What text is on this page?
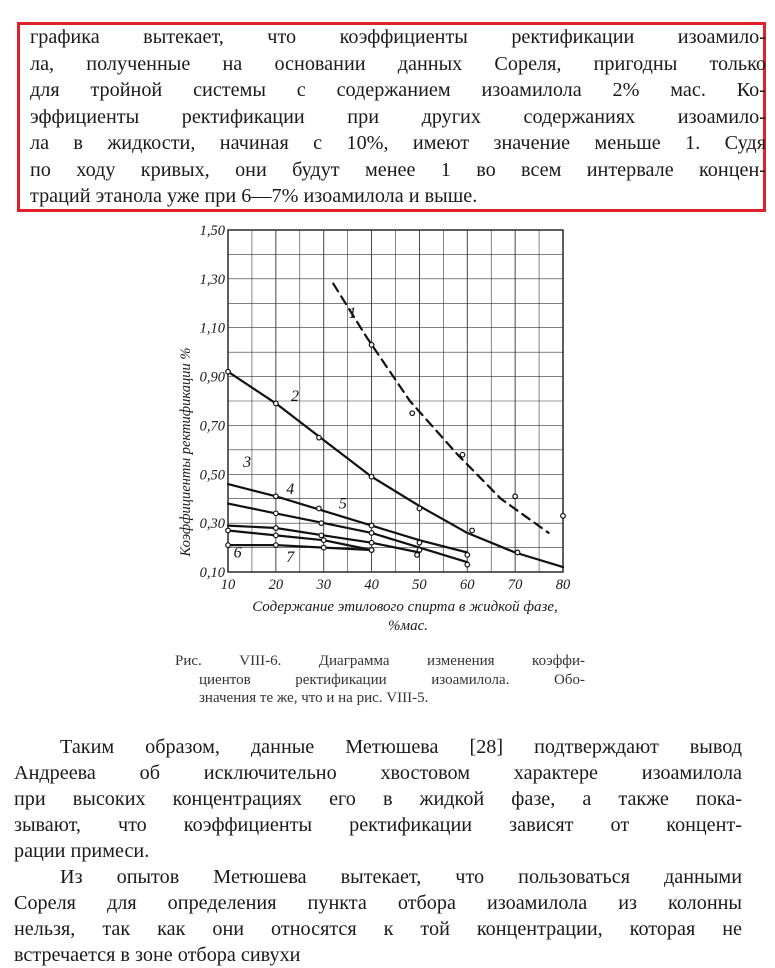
графика вытекает, что коэффициенты ректификации изоамило-
ла, полученные на основании данных Сореля, пригодны только
для тройной системы с содержанием изоамилола 2% мас. Ко-
эффициенты ректификации при других содержаниях изоамило-
ла в жидкости, начиная с 10%, имеют значение меньше 1. Судя
по ходу кривых, они будут менее 1 во всем интервале концен-
траций этанола уже при 6—7% изоамилола и выше.
1
2
3
4
5
6	7
10 20 30 40 50 60 70 80
0,10
0,30
0,50
0,70
0,90
1,10
1,30
1,50
Коэффициенты ректификации %
Содержание этилового спирта в жидкой фазе,
%мас.
Рис. VIII-6. Диаграмма изменения коэффи-
циентов ректификации изоамилола. Обо-
значения те же, что и на рис. VIII-5.
Таким образом, данные Метюшева [28] подтверждают вывод
Андреева об исключительно хвостовом характере изоамилола
при высоких концентрациях его в жидкой фазе, а также пока-
зывают, что коэффициенты ректификации зависят от концент-
рации примеси.
Из опытов Метюшева вытекает, что пользоваться данными
Сореля для определения пункта отбора изоамилола из колонны
нельзя, так как они относятся к той концентрации, которая не
встречается в зоне отбора сивухи
